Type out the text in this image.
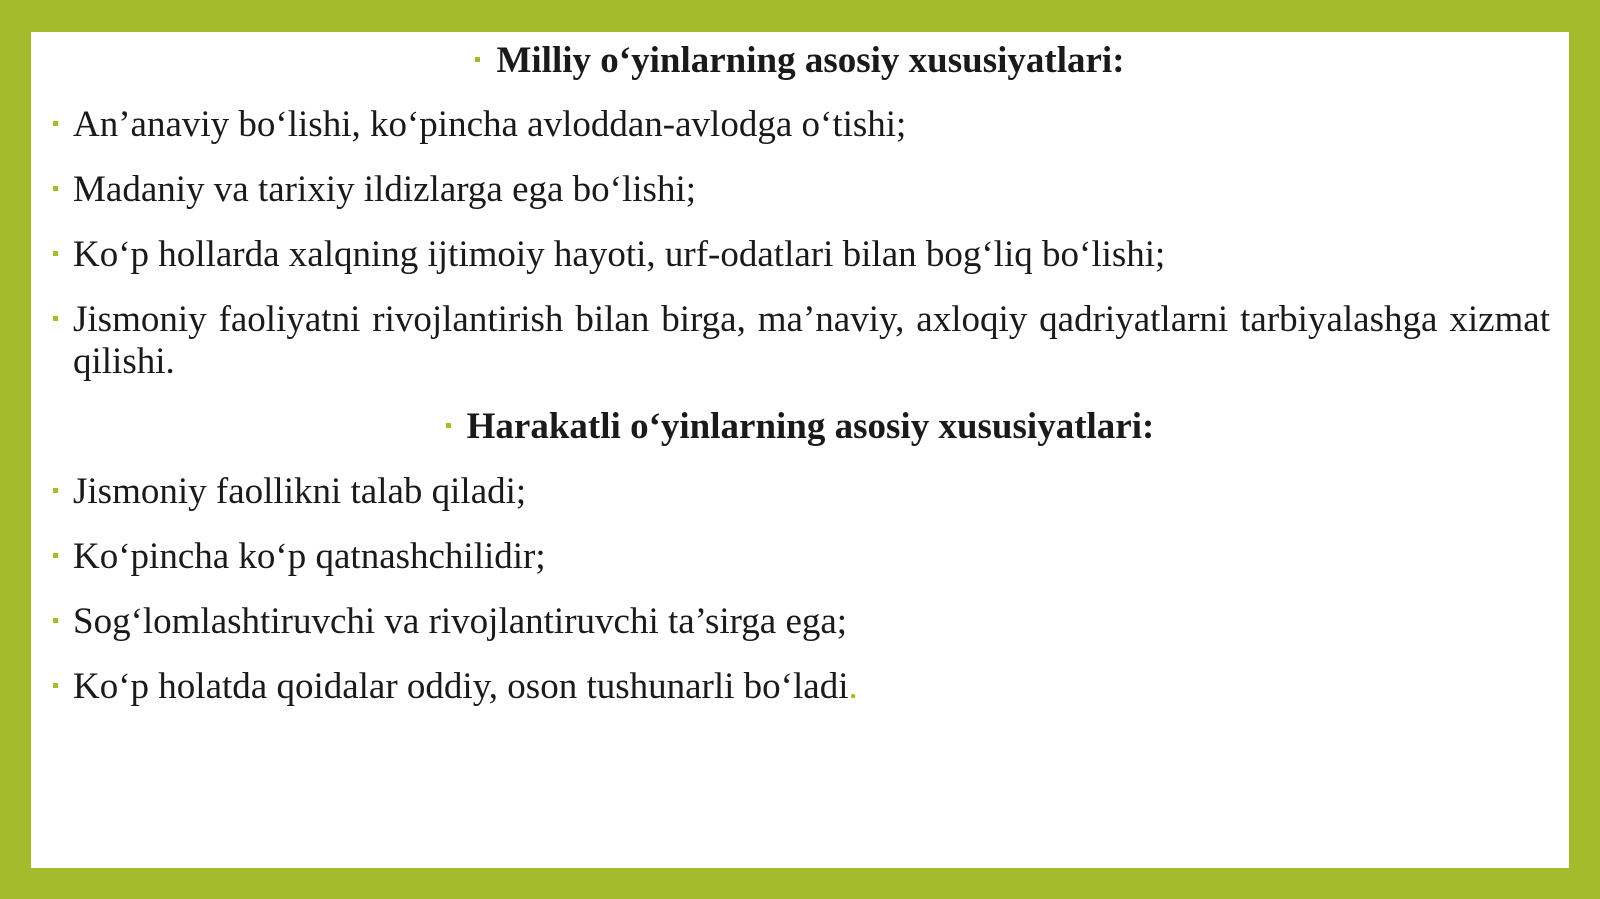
Milliy o‘yinlarning asosiy xususiyatlari:
An’anaviy bo‘lishi, ko‘pincha avloddan-avlodga o‘tishi;
Madaniy va tarixiy ildizlarga ega bo‘lishi;
Ko‘p hollarda xalqning ijtimoiy hayoti, urf-odatlari bilan bog‘liq bo‘lishi;
Jismoniy faoliyatni rivojlantirish bilan birga, ma’naviy, axloqiy qadriyatlarni tarbiyalashga xizmat qilishi.
Harakatli o‘yinlarning asosiy xususiyatlari:
Jismoniy faollikni talab qiladi;
Ko‘pincha ko‘p qatnashchilidir;
Sog‘lomlashtiruvchi va rivojlantiruvchi ta’sirga ega;
Ko‘p holatda qoidalar oddiy, oson tushunarli bo‘ladi.
